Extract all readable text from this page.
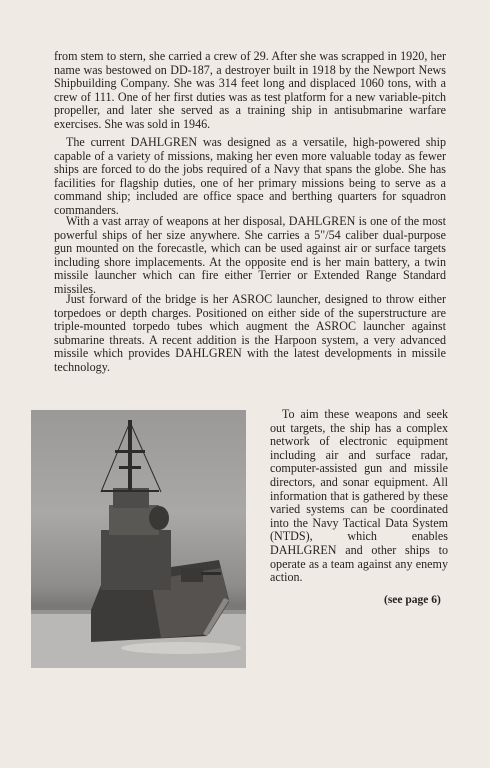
from stem to stern, she carried a crew of 29. After she was scrapped in 1920, her name was bestowed on DD-187, a destroyer built in 1918 by the Newport News Shipbuilding Company. She was 314 feet long and displaced 1060 tons, with a crew of 111. One of her first duties was as test platform for a new variable-pitch propeller, and later she served as a training ship in antisubmarine warfare exercises. She was sold in 1946.

The current DAHLGREN was designed as a versatile, high-powered ship capable of a variety of missions, making her even more valuable today as fewer ships are forced to do the jobs required of a Navy that spans the globe. She has facilities for flagship duties, one of her primary missions being to serve as a command ship; included are office space and berthing quarters for squadron commanders.

With a vast array of weapons at her disposal, DAHLGREN is one of the most powerful ships of her size anywhere. She carries a 5"/54 caliber dual-purpose gun mounted on the forecastle, which can be used against air or surface targets including shore implacements. At the opposite end is her main battery, a twin missile launcher which can fire either Terrier or Extended Range Standard missiles.

Just forward of the bridge is her ASROC launcher, designed to throw either torpedoes or depth charges. Positioned on either side of the superstructure are triple-mounted torpedo tubes which augment the ASROC launcher against submarine threats. A recent addition is the Harpoon system, a very advanced missile which provides DAHLGREN with the latest developments in missile technology.

To aim these weapons and seek out targets, the ship has a complex network of electronic equipment including air and surface radar, computer-assisted gun and missile directors, and sonar equipment. All information that is gathered by these varied systems can be coordinated into the Navy Tactical Data System (NTDS), which enables DAHLGREN and other ships to operate as a team against any enemy action.

(see page 6)
